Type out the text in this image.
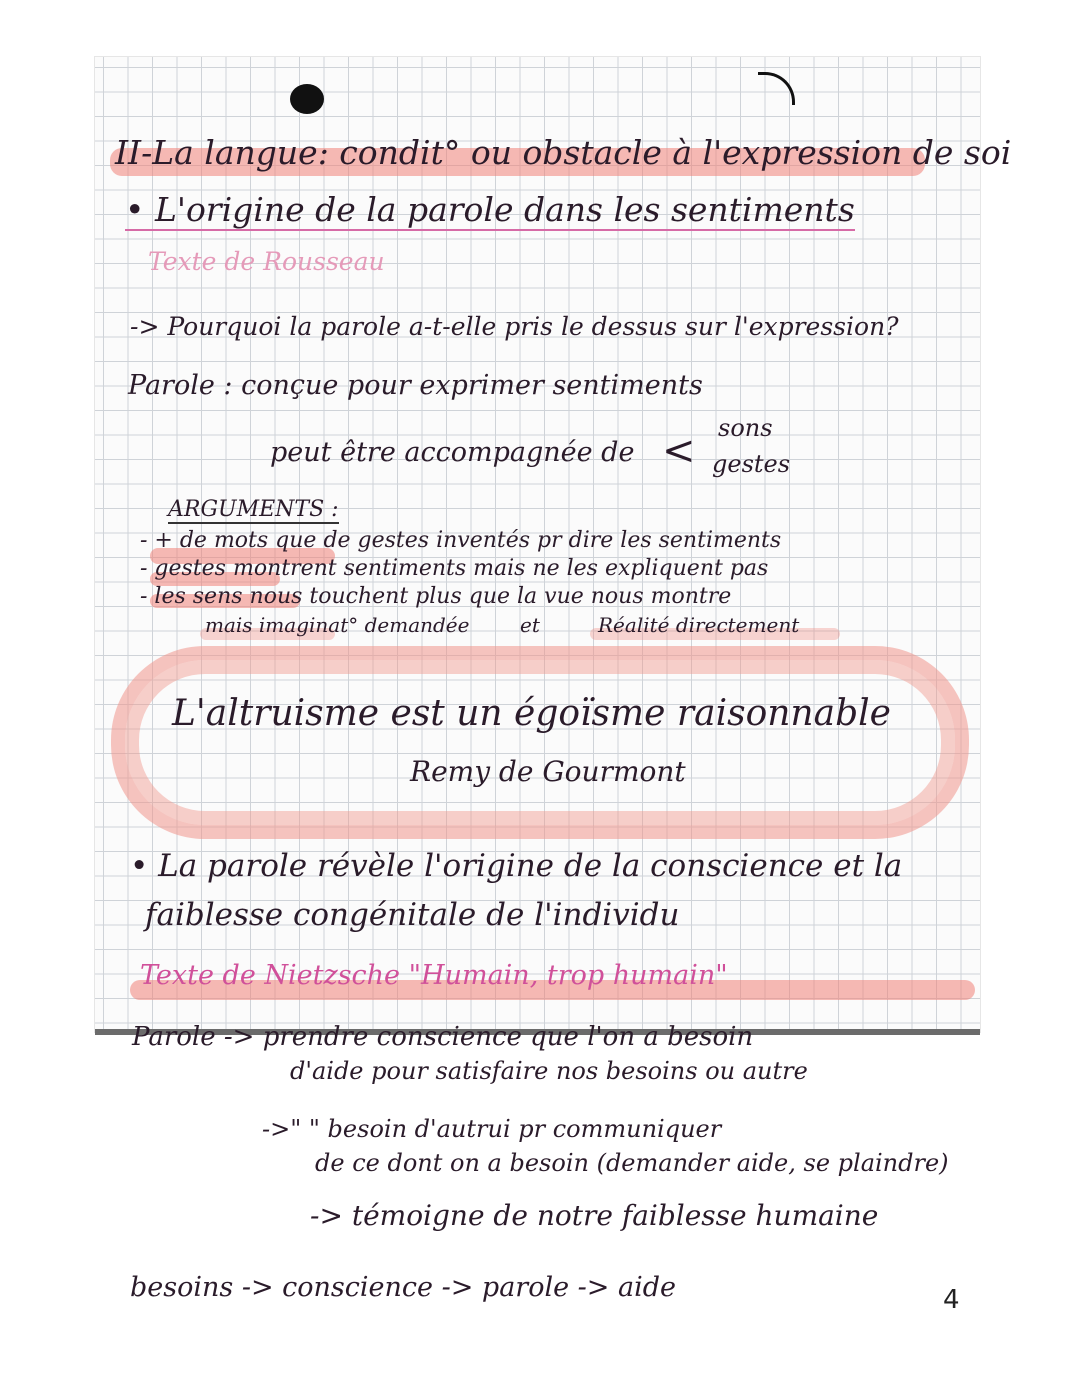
II-La langue: condit° ou obstacle à l'expression de soi
• L'origine de la parole dans les sentiments
Texte de Rousseau
-> Pourquoi la parole a-t-elle pris le dessus sur l'expression?
Parole : conçue pour exprimer sentiments
peut être accompagnée de < sons
gestes
ARGUMENTS :
- + de mots que de gestes inventés pr dire les sentiments
- gestes montrent sentiments mais ne les expliquent pas
- les sens nous touchent plus que la vue nous montre
mais imaginat° demandée	et	Réalité directement
L'altruisme est un égoïsme raisonnable
Remy de Gourmont
• La parole révèle l'origine de la conscience et la
faiblesse congénitale de l'individu
Texte de Nietzsche "Humain, trop humain"
Parole -> prendre conscience que l'on a besoin
d'aide pour satisfaire nos besoins ou autre
->" " besoin d'autrui pr communiquer
de ce dont on a besoin (demander aide, se plaindre)
-> témoigne de notre faiblesse humaine
besoins -> conscience -> parole -> aide	4
